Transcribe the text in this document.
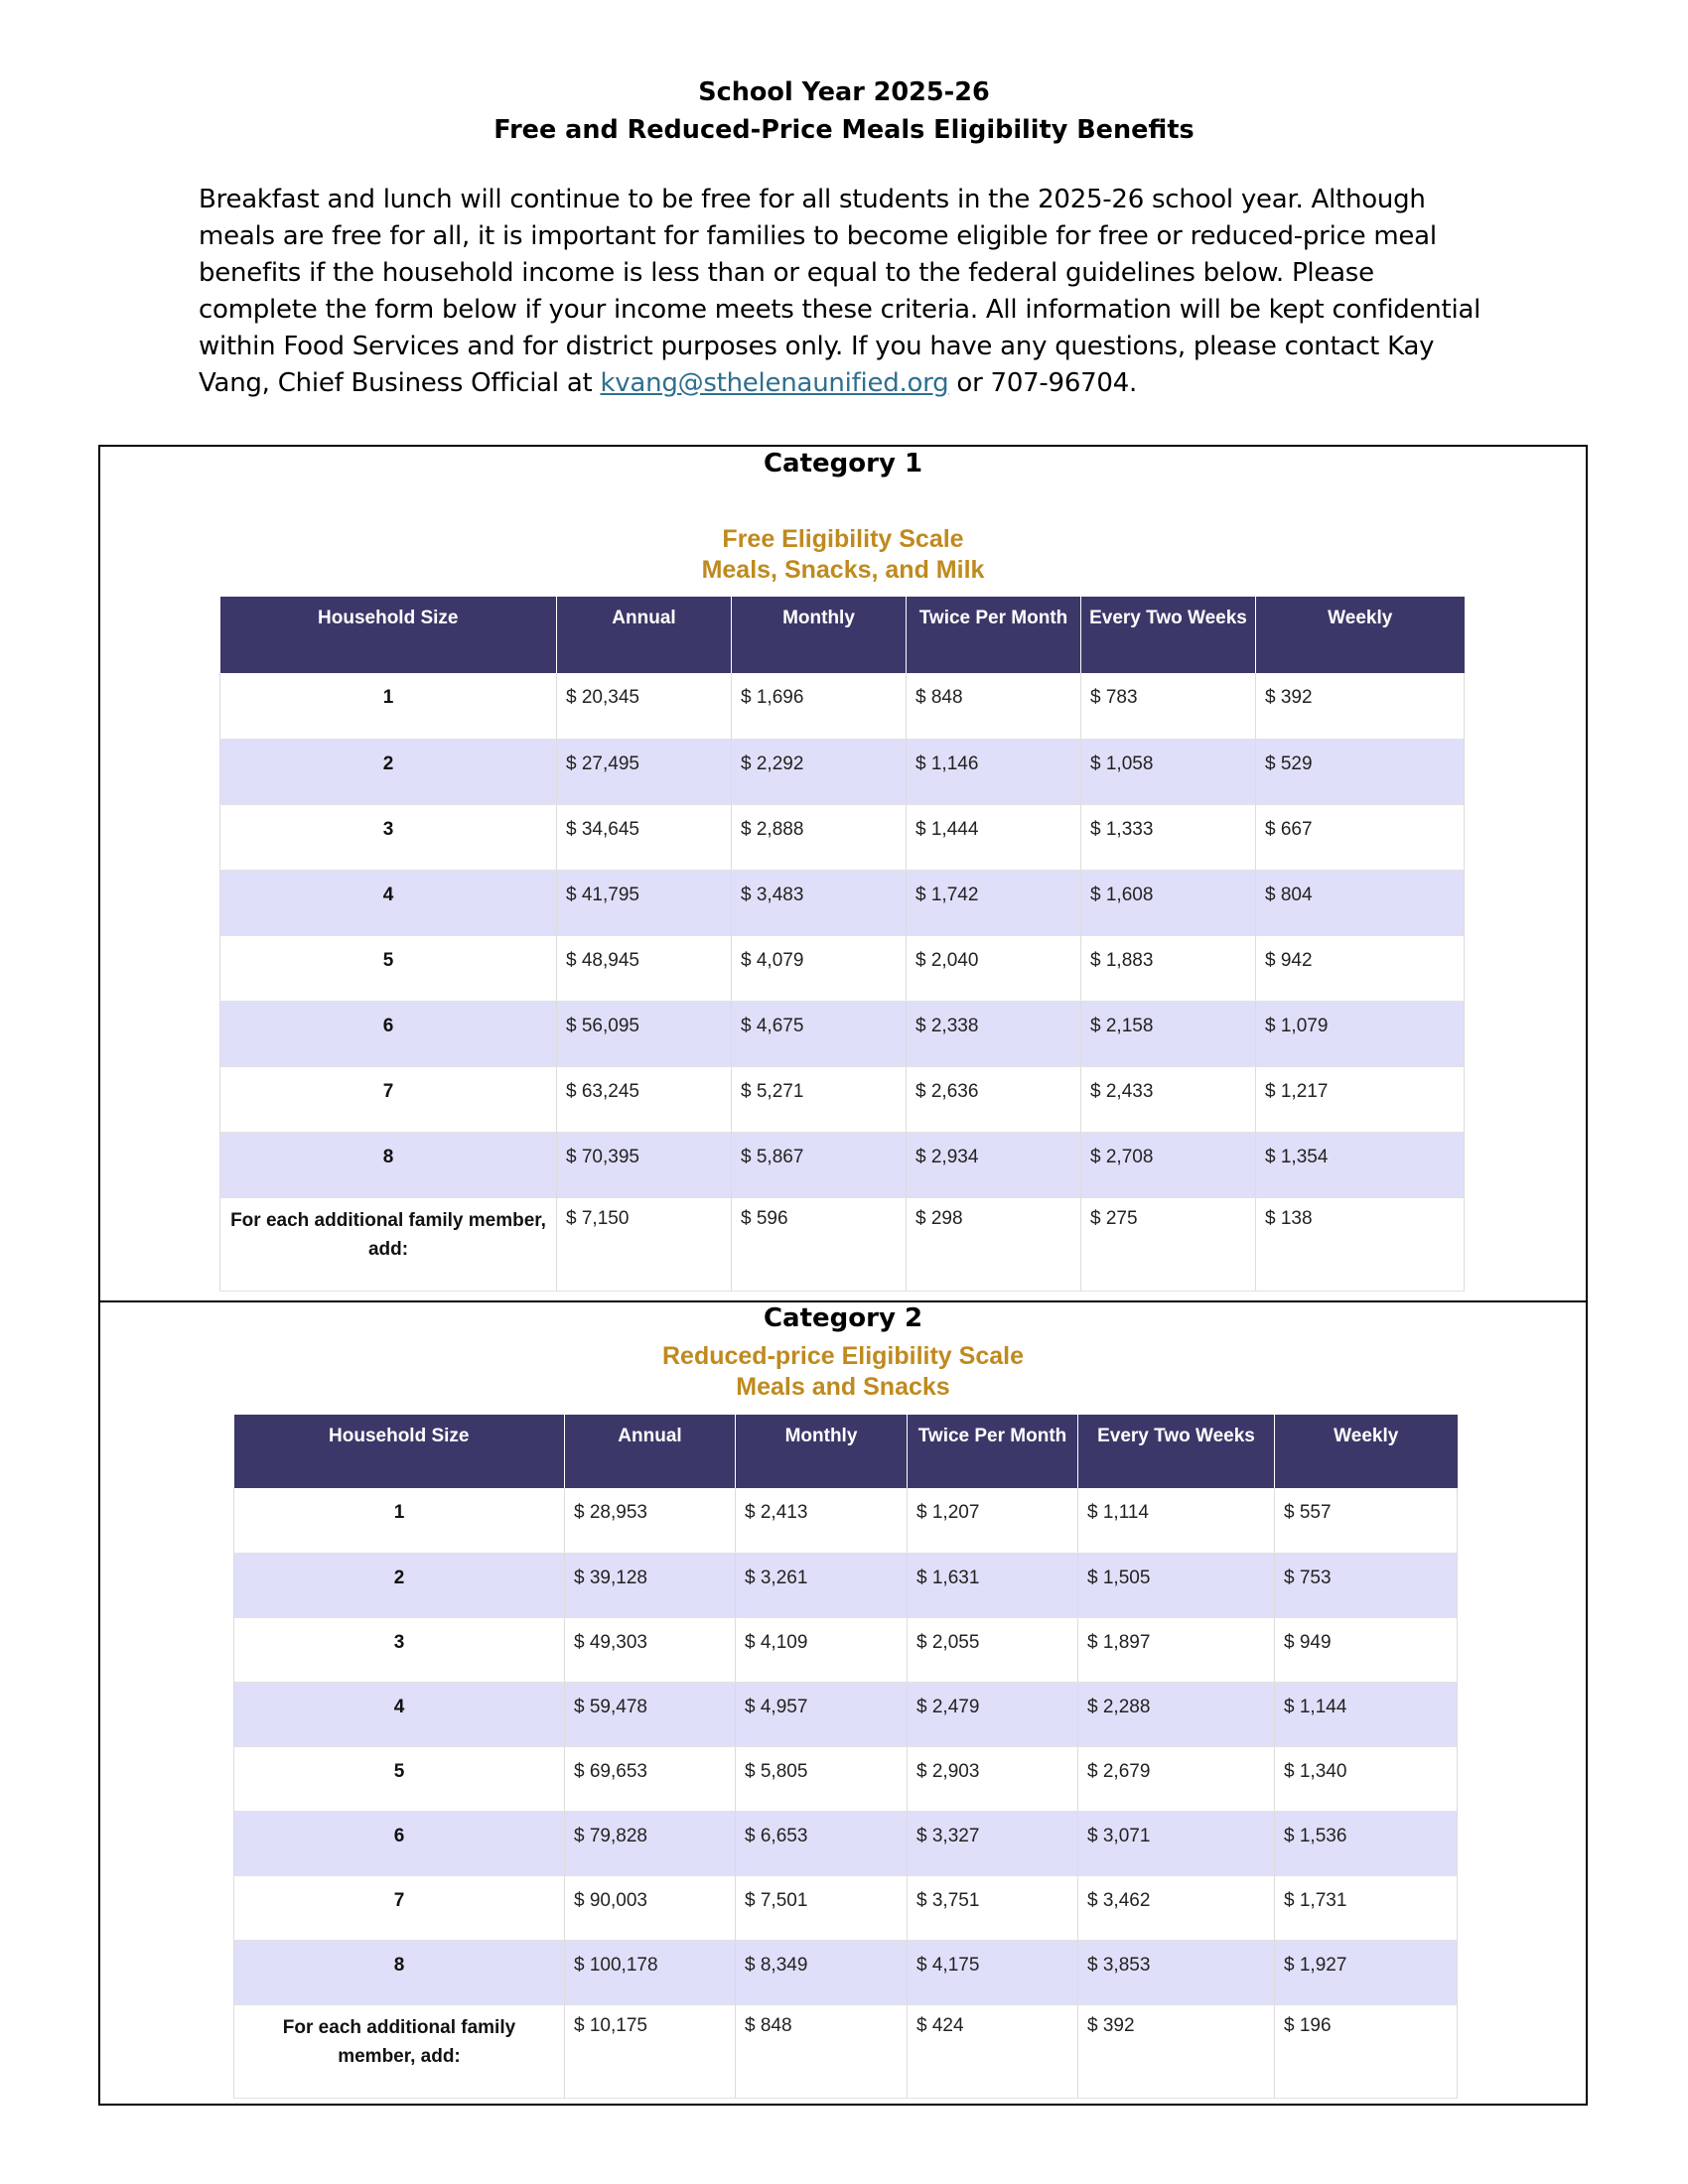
School Year 2025-26
Free and Reduced-Price Meals Eligibility Benefits
Breakfast and lunch will continue to be free for all students in the 2025-26 school year. Although meals are free for all, it is important for families to become eligible for free or reduced-price meal benefits if the household income is less than or equal to the federal guidelines below. Please complete the form below if your income meets these criteria. All information will be kept confidential within Food Services and for district purposes only. If you have any questions, please contact Kay Vang, Chief Business Official at kvang@sthelenaunified.org or 707-96704.
Category 1
Free Eligibility Scale
Meals, Snacks, and Milk
Household Size	Annual	Monthly	Twice Per Month	Every Two Weeks	Weekly
1	$ 20,345	$ 1,696	$ 848	$ 783	$ 392
2	$ 27,495	$ 2,292	$ 1,146	$ 1,058	$ 529
3	$ 34,645	$ 2,888	$ 1,444	$ 1,333	$ 667
4	$ 41,795	$ 3,483	$ 1,742	$ 1,608	$ 804
5	$ 48,945	$ 4,079	$ 2,040	$ 1,883	$ 942
6	$ 56,095	$ 4,675	$ 2,338	$ 2,158	$ 1,079
7	$ 63,245	$ 5,271	$ 2,636	$ 2,433	$ 1,217
8	$ 70,395	$ 5,867	$ 2,934	$ 2,708	$ 1,354
For each additional family member, add:	$ 7,150	$ 596	$ 298	$ 275	$ 138
Category 2
Reduced-price Eligibility Scale
Meals and Snacks
Household Size	Annual	Monthly	Twice Per Month	Every Two Weeks	Weekly
1	$ 28,953	$ 2,413	$ 1,207	$ 1,114	$ 557
2	$ 39,128	$ 3,261	$ 1,631	$ 1,505	$ 753
3	$ 49,303	$ 4,109	$ 2,055	$ 1,897	$ 949
4	$ 59,478	$ 4,957	$ 2,479	$ 2,288	$ 1,144
5	$ 69,653	$ 5,805	$ 2,903	$ 2,679	$ 1,340
6	$ 79,828	$ 6,653	$ 3,327	$ 3,071	$ 1,536
7	$ 90,003	$ 7,501	$ 3,751	$ 3,462	$ 1,731
8	$ 100,178	$ 8,349	$ 4,175	$ 3,853	$ 1,927
For each additional family member, add:	$ 10,175	$ 848	$ 424	$ 392	$ 196
